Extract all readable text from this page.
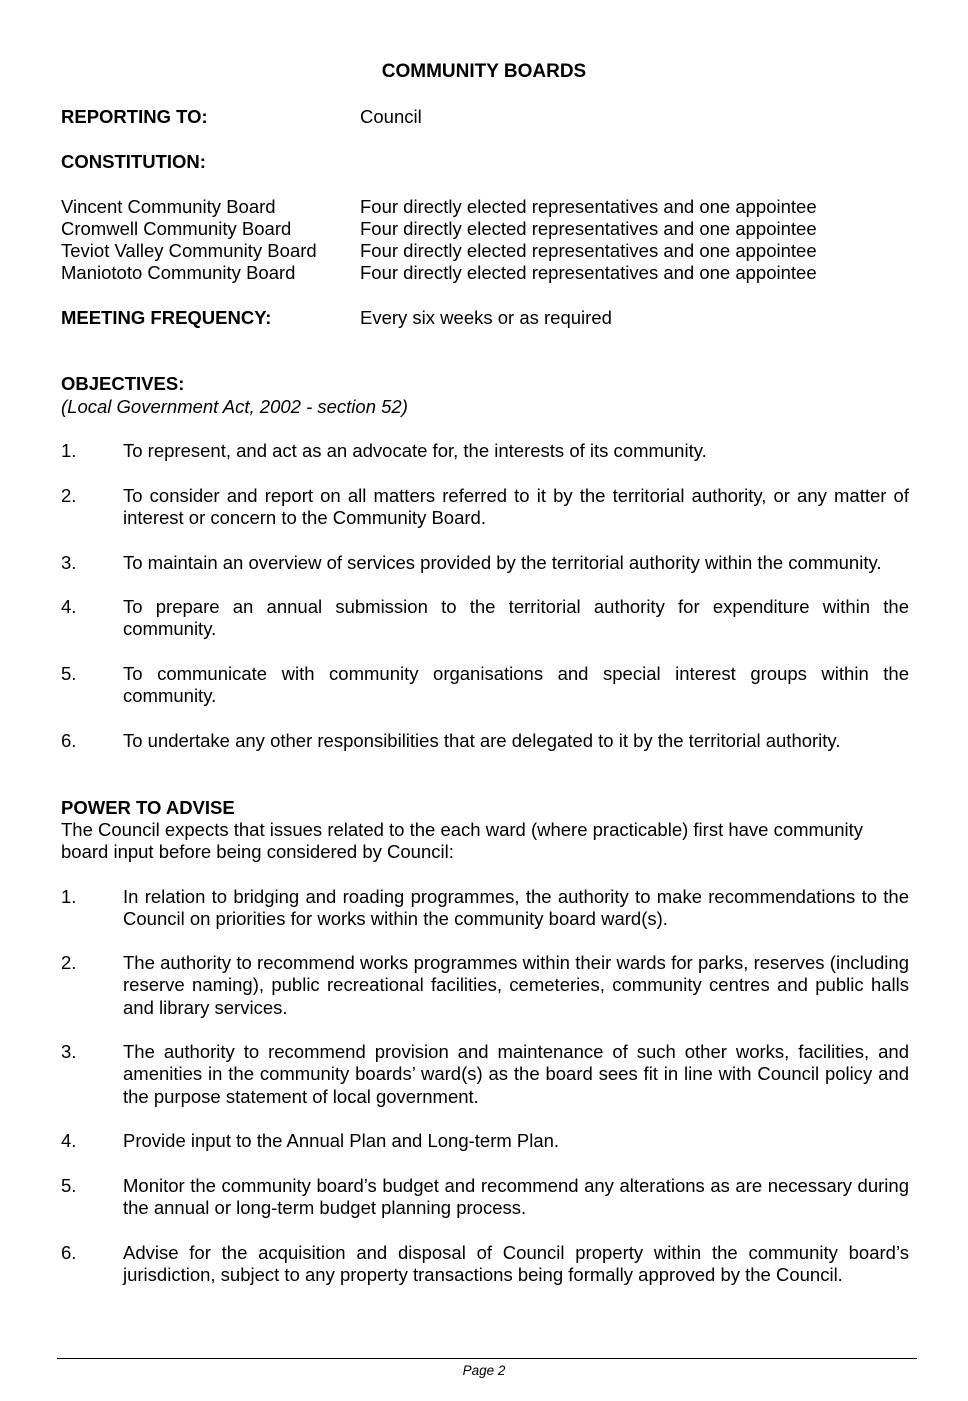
COMMUNITY BOARDS
REPORTING TO:	Council
CONSTITUTION:
Vincent Community Board	Four directly elected representatives and one appointee
Cromwell Community Board	Four directly elected representatives and one appointee
Teviot Valley Community Board Four directly elected representatives and one appointee
Maniototo Community Board	Four directly elected representatives and one appointee
MEETING FREQUENCY:	Every six weeks or as required
OBJECTIVES:
(Local Government Act, 2002 - section 52)
1.	To represent, and act as an advocate for, the interests of its community.
2.	To consider and report on all matters referred to it by the territorial authority, or any matter of interest or concern to the Community Board.
3.	To maintain an overview of services provided by the territorial authority within the community.
4.	To prepare an annual submission to the territorial authority for expenditure within the community.
5.	To communicate with community organisations and special interest groups within the community.
6.	To undertake any other responsibilities that are delegated to it by the territorial authority.
POWER TO ADVISE
The Council expects that issues related to the each ward (where practicable) first have community board input before being considered by Council:
1.	In relation to bridging and roading programmes, the authority to make recommendations to the Council on priorities for works within the community board ward(s).
2.	The authority to recommend works programmes within their wards for parks, reserves (including reserve naming), public recreational facilities, cemeteries, community centres and public halls and library services.
3.	The authority to recommend provision and maintenance of such other works, facilities, and amenities in the community boards’ ward(s) as the board sees fit in line with Council policy and the purpose statement of local government.
4.	Provide input to the Annual Plan and Long-term Plan.
5.	Monitor the community board’s budget and recommend any alterations as are necessary during the annual or long-term budget planning process.
6.	Advise for the acquisition and disposal of Council property within the community board’s jurisdiction, subject to any property transactions being formally approved by the Council.
Page 2
